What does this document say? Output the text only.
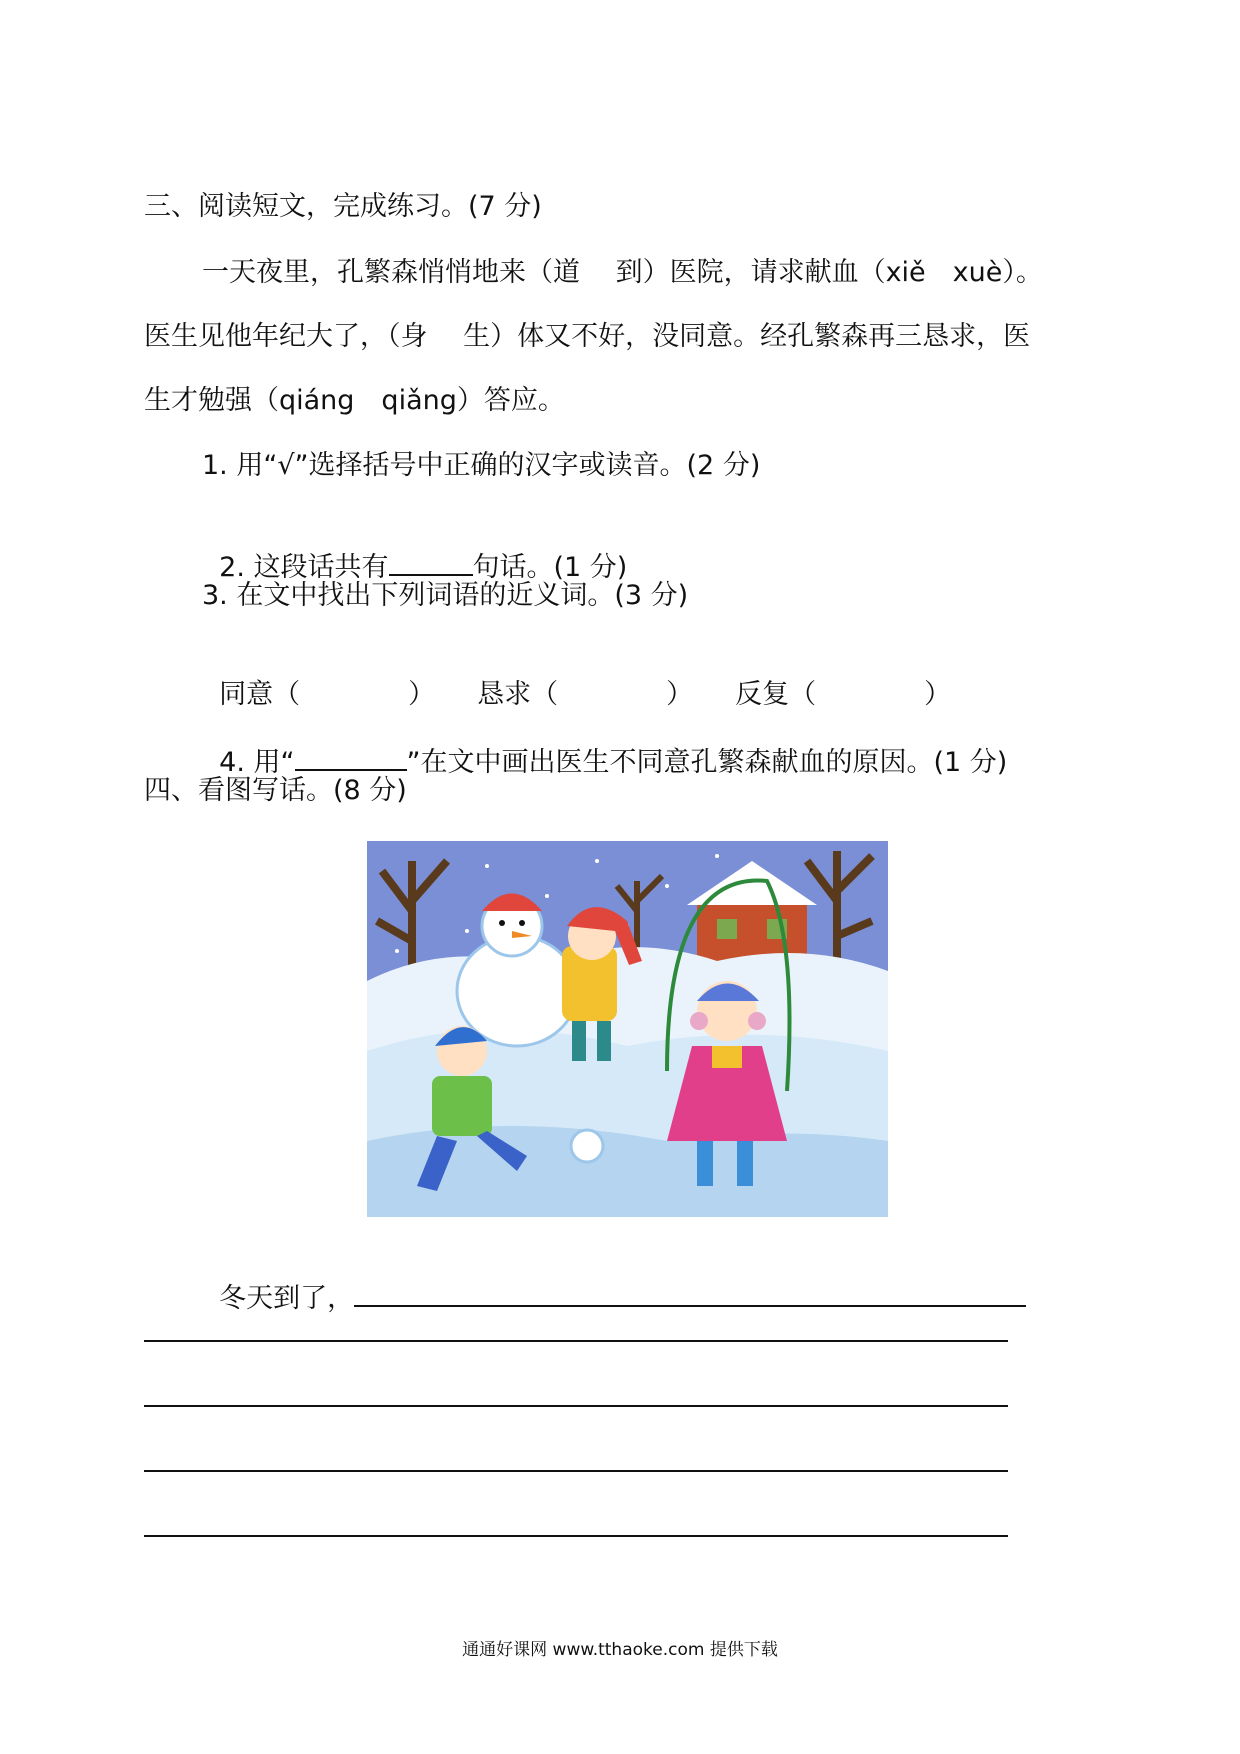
三、阅读短文，完成练习。(7 分)
一天夜里，孔繁森悄悄地来（道　 到）医院，请求献血（xiě　xuè）。
医生见他年纪大了，（身　 生）体又不好，没同意。经孔繁森再三恳求，医
生才勉强（qiáng　qiǎng）答应。
1. 用“√”选择括号中正确的汉字或读音。(2 分)

2. 这段话共有	句话。(1 分)

3. 在文中找出下列词语的近义词。(3 分)

同意（　　　　） 恳求（　　　　） 反复（　　　　）

4. 用“	”在文中画出医生不同意孔繁森献血的原因。(1 分)

四、看图写话。(8 分)

冬天到了，

通通好课网 www.tthaoke.com 提供下载
